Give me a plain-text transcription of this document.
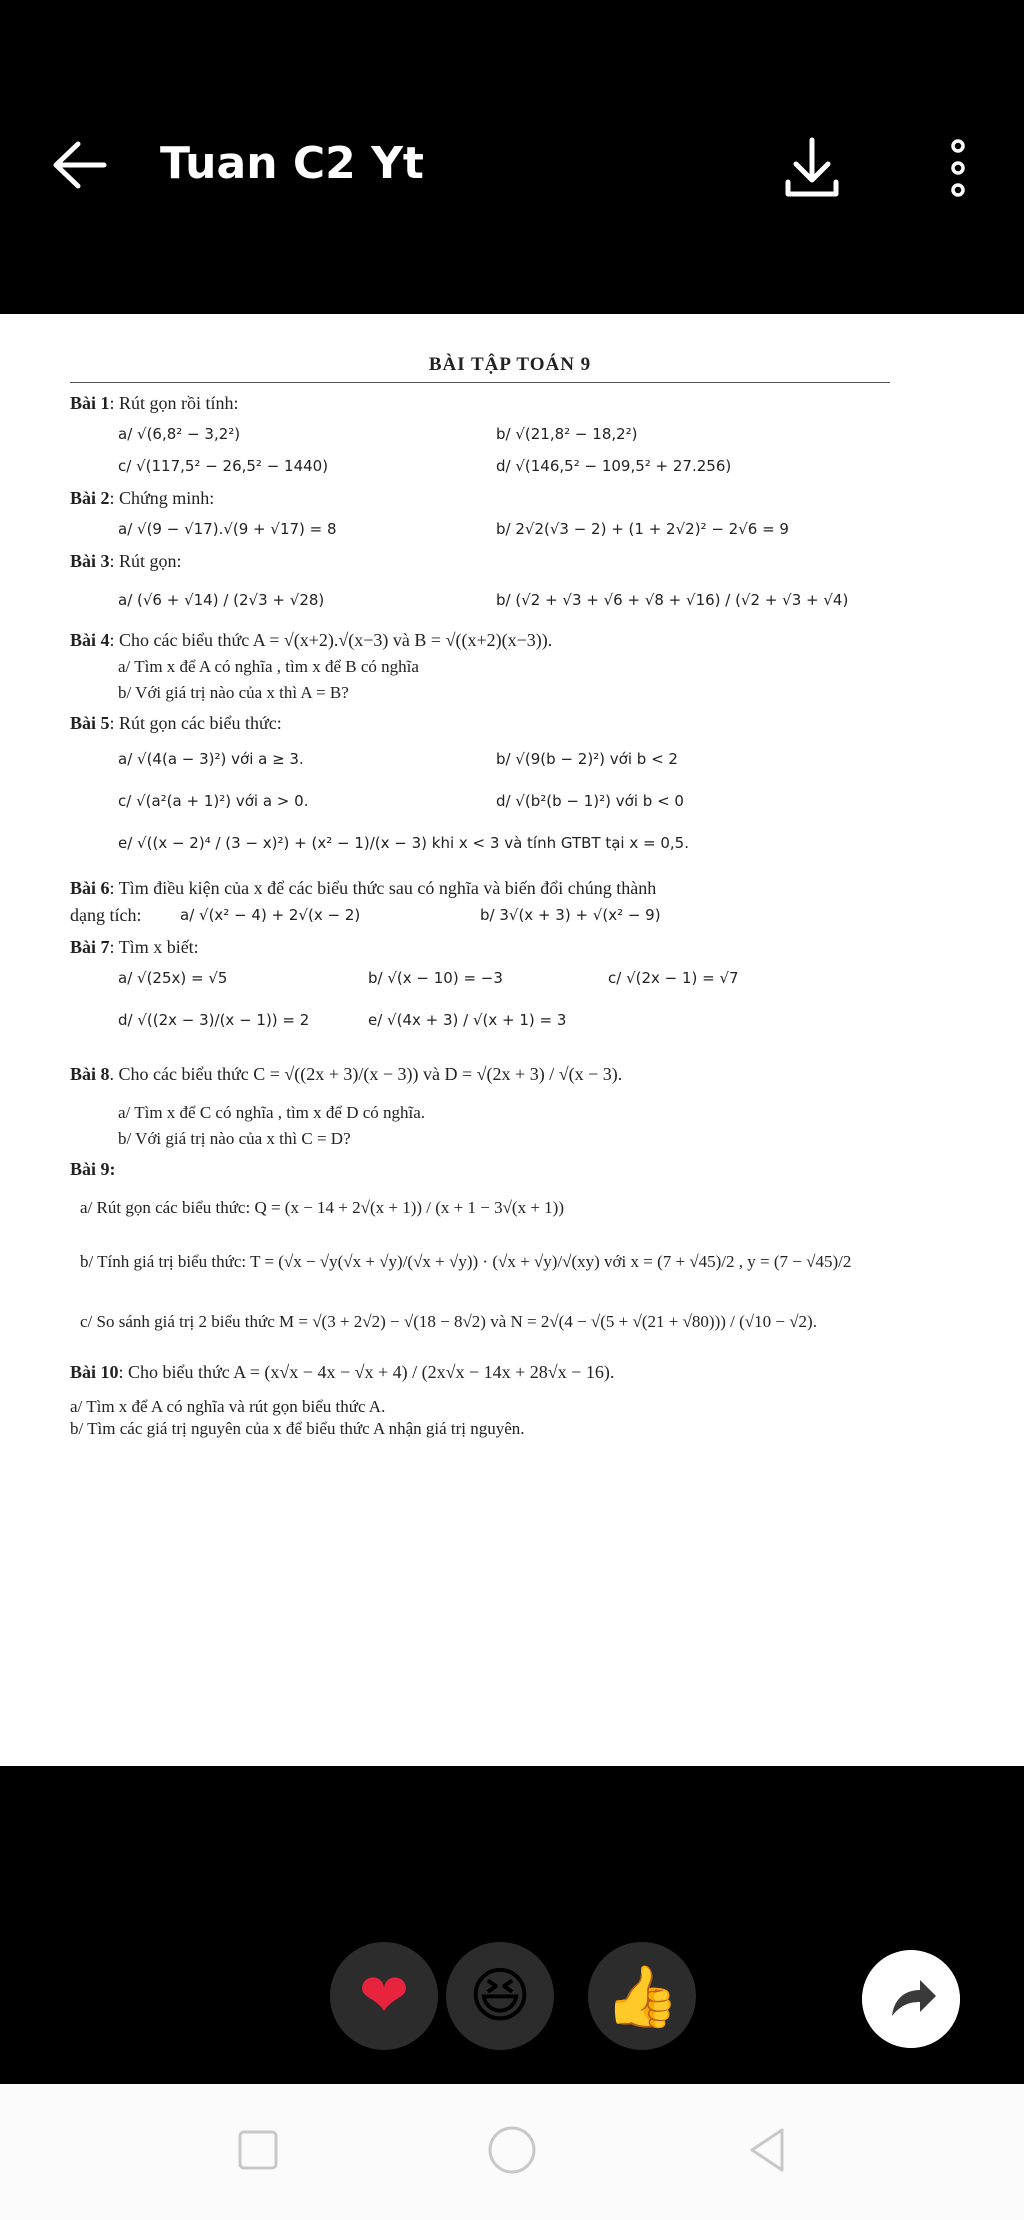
Tuan C2 Yt
BÀI TẬP TOÁN 9
Bài 1: Rút gọn rồi tính:
a/ √(6,8² − 3,2²)	b/ √(21,8² − 18,2²)
c/ √(117,5² − 26,5² − 1440)	d/ √(146,5² − 109,5² + 27.256)
Bài 2: Chứng minh:
a/ √(9 − √17).√(9 + √17) = 8	b/ 2√2(√3 − 2) + (1 + 2√2)² − 2√6 = 9
Bài 3: Rút gọn:
a/ (√6 + √14) / (2√3 + √28)	b/ (√2 + √3 + √6 + √8 + √16) / (√2 + √3 + √4)
Bài 4: Cho các biểu thức A = √(x+2).√(x−3) và B = √((x+2)(x−3)).
a/ Tìm x để A có nghĩa , tìm x để B có nghĩa
b/ Với giá trị nào của x thì A = B?
Bài 5: Rút gọn các biểu thức:
a/ √(4(a − 3)²) với a ≥ 3.	b/ √(9(b − 2)²) với b < 2
c/ √(a²(a + 1)²) với a > 0.	d/ √(b²(b − 1)²) với b < 0
e/ √((x − 2)⁴ / (3 − x)²) + (x² − 1)/(x − 3) khi x < 3 và tính GTBT tại x = 0,5.
Bài 6: Tìm điều kiện của x để các biểu thức sau có nghĩa và biến đổi chúng thành
dạng tích:	a/ √(x² − 4) + 2√(x − 2)	b/ 3√(x + 3) + √(x² − 9)
Bài 7: Tìm x biết:
a/ √(25x) = √5	b/ √(x − 10) = −3	c/ √(2x − 1) = √7
d/ √((2x − 3)/(x − 1)) = 2	e/ √(4x + 3) / √(x + 1) = 3
Bài 8. Cho các biểu thức C = √((2x + 3)/(x − 3)) và D = √(2x + 3) / √(x − 3).
a/ Tìm x để C có nghĩa , tìm x để D có nghĩa.
b/ Với giá trị nào của x thì C = D?
Bài 9:
a/ Rút gọn các biểu thức: Q = (x − 14 + 2√(x + 1)) / (x + 1 − 3√(x + 1))
b/ Tính giá trị biểu thức: T = (√x − √y(√x + √y)/(√x + √y)) · (√x + √y)/√(xy) với x = (7 + √45)/2 , y = (7 − √45)/2
c/ So sánh giá trị 2 biểu thức M = √(3 + 2√2) − √(18 − 8√2) và N = 2√(4 − √(5 + √(21 + √80))) / (√10 − √2).
Bài 10: Cho biểu thức A = (x√x − 4x − √x + 4) / (2x√x − 14x + 28√x − 16).
a/ Tìm x để A có nghĩa và rút gọn biểu thức A.
b/ Tìm các giá trị nguyên của x để biểu thức A nhận giá trị nguyên.
❤ 😆 👍
